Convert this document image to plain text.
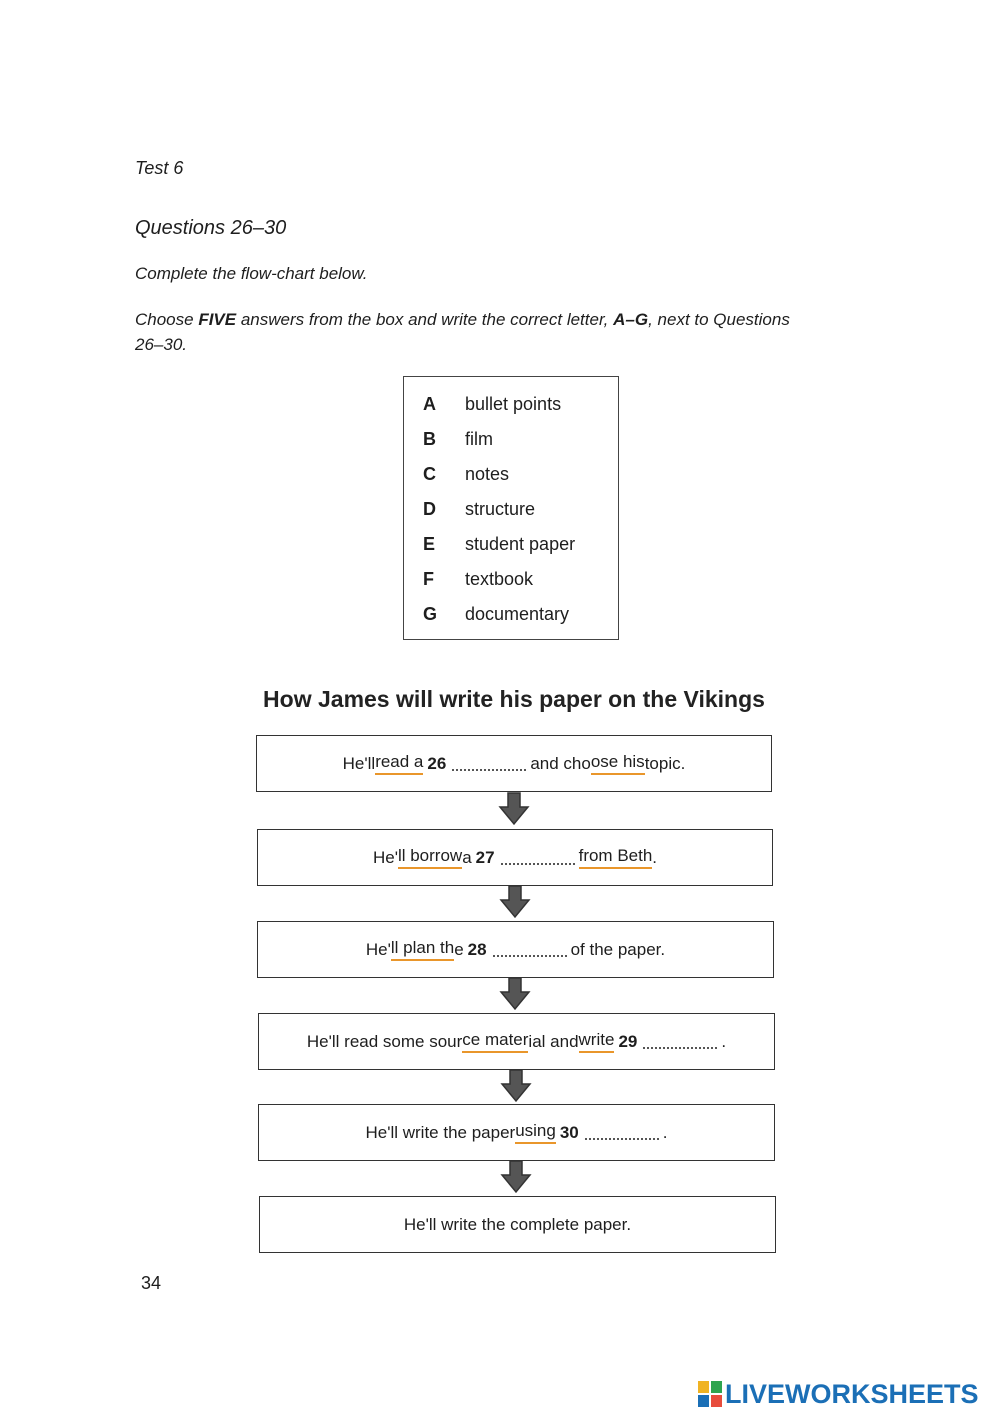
Test 6
Questions 26–30
Complete the flow-chart below.
Choose FIVE answers from the box and write the correct letter, A–G, next to Questions 26–30.
A	bullet points
B	film
C	notes
D	structure
E	student paper
F	textbook
G	documentary
How James will write his paper on the Vikings
He'll read a 26	and cho ose his topic.
He' ll borrow a 27	from Beth .
He' ll plan th e 28	of the paper.
He'll read some sour ce mater ial and write 29	.
He'll write the paper using 30	.
He'll write the complete paper.
34
LIVEWORKSHEETS
